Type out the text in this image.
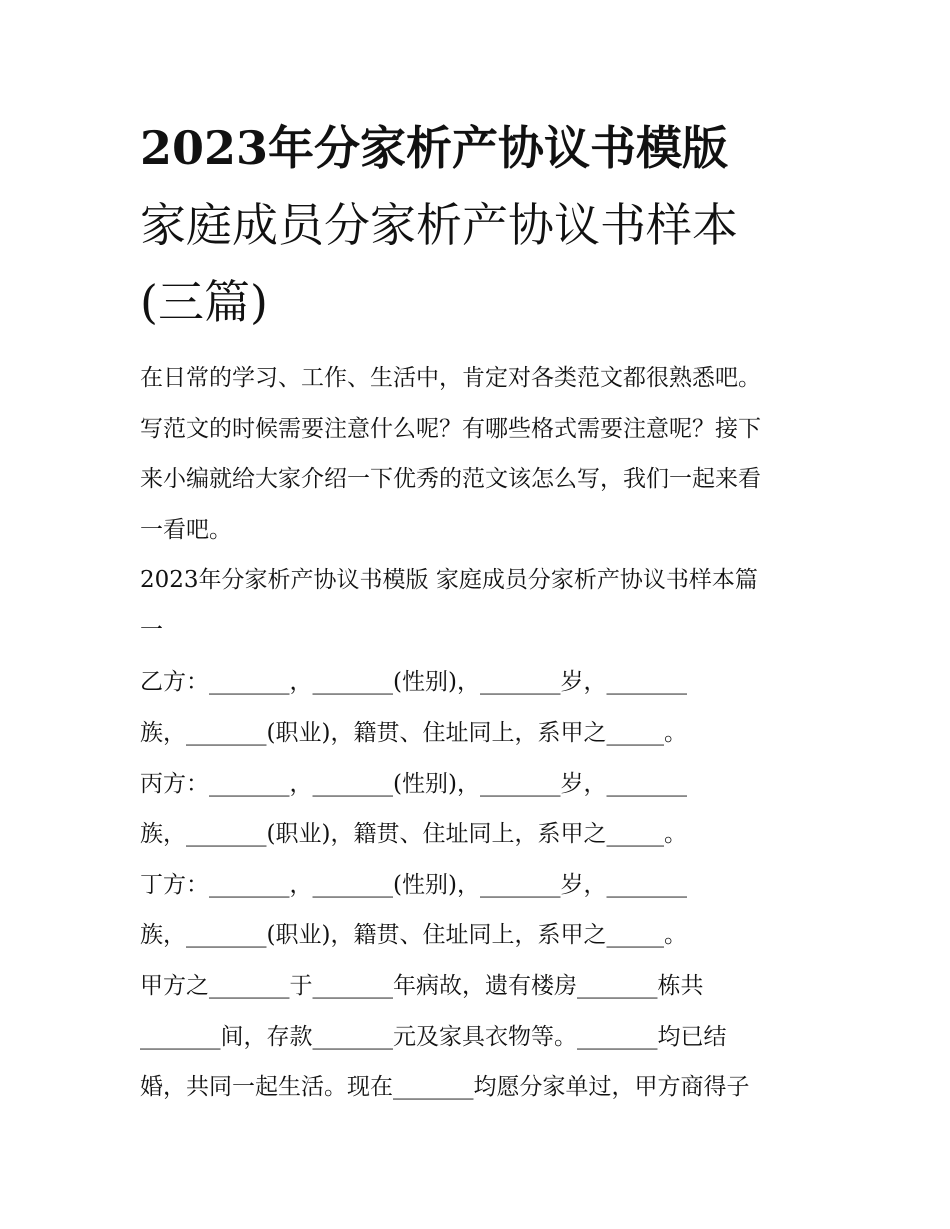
2023年分家析产协议书模版
家庭成员分家析产协议书样本
(三篇)
在日常的学习、工作、生活中，肯定对各类范文都很熟悉吧。
写范文的时候需要注意什么呢？有哪些格式需要注意呢？接下
来小编就给大家介绍一下优秀的范文该怎么写，我们一起来看
一看吧。
2023年分家析产协议书模版 家庭成员分家析产协议书样本篇
一
乙方：_______，_______(性别)，_______岁，_______
族，_______(职业)，籍贯、住址同上，系甲之_____。
丙方：_______，_______(性别)，_______岁，_______
族，_______(职业)，籍贯、住址同上，系甲之_____。
丁方：_______，_______(性别)，_______岁，_______
族，_______(职业)，籍贯、住址同上，系甲之_____。
甲方之_______于_______年病故，遗有楼房_______栋共
_______间，存款_______元及家具衣物等。_______均已结
婚，共同一起生活。现在_______均愿分家单过，甲方商得子
